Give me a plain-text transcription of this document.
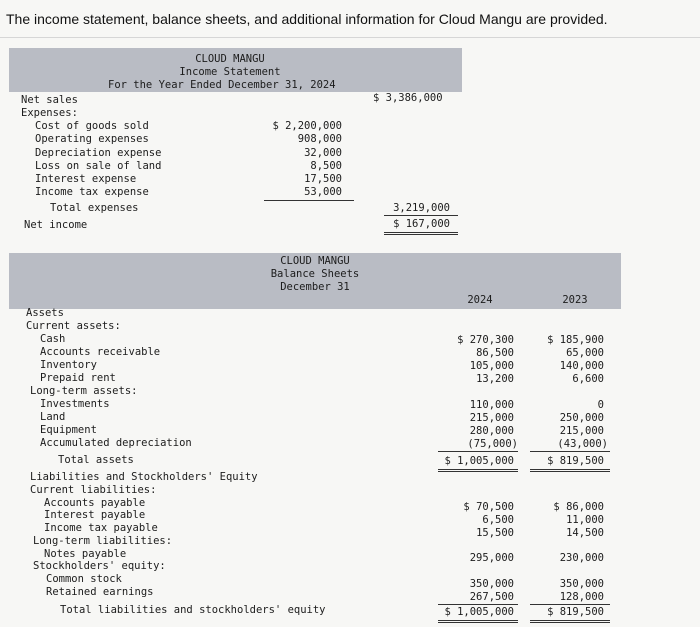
The income statement, balance sheets, and additional information for Cloud Mangu are provided.
CLOUD MANGU
Income Statement
For the Year Ended December 31, 2024
Net sales	$ 3,386,000
Expenses:
Cost of goods sold	$ 2,200,000
Operating expenses	908,000
Depreciation expense	32,000
Loss on sale of land	8,500
Interest expense	17,500
Income tax expense	53,000
Total expenses	3,219,000
Net income	$ 167,000
CLOUD MANGU
Balance Sheets
December 31
2024	2023
Assets
Current assets:
Cash	$ 270,300	$ 185,900
Accounts receivable	86,500	65,000
Inventory	105,000	140,000
Prepaid rent	13,200	6,600
Long-term assets:
Investments	110,000	0
Land	215,000	250,000
Equipment	280,000	215,000
Accumulated depreciation	(75,000)	(43,000)
Total assets	$ 1,005,000	$ 819,500
Liabilities and Stockholders' Equity
Current liabilities:
Accounts payable	$ 70,500	$ 86,000
Interest payable	6,500	11,000
Income tax payable	15,500	14,500
Long-term liabilities:
Notes payable	295,000	230,000
Stockholders' equity:
Common stock	350,000	350,000
Retained earnings	267,500	128,000
Total liabilities and stockholders' equity	$ 1,005,000	$ 819,500
